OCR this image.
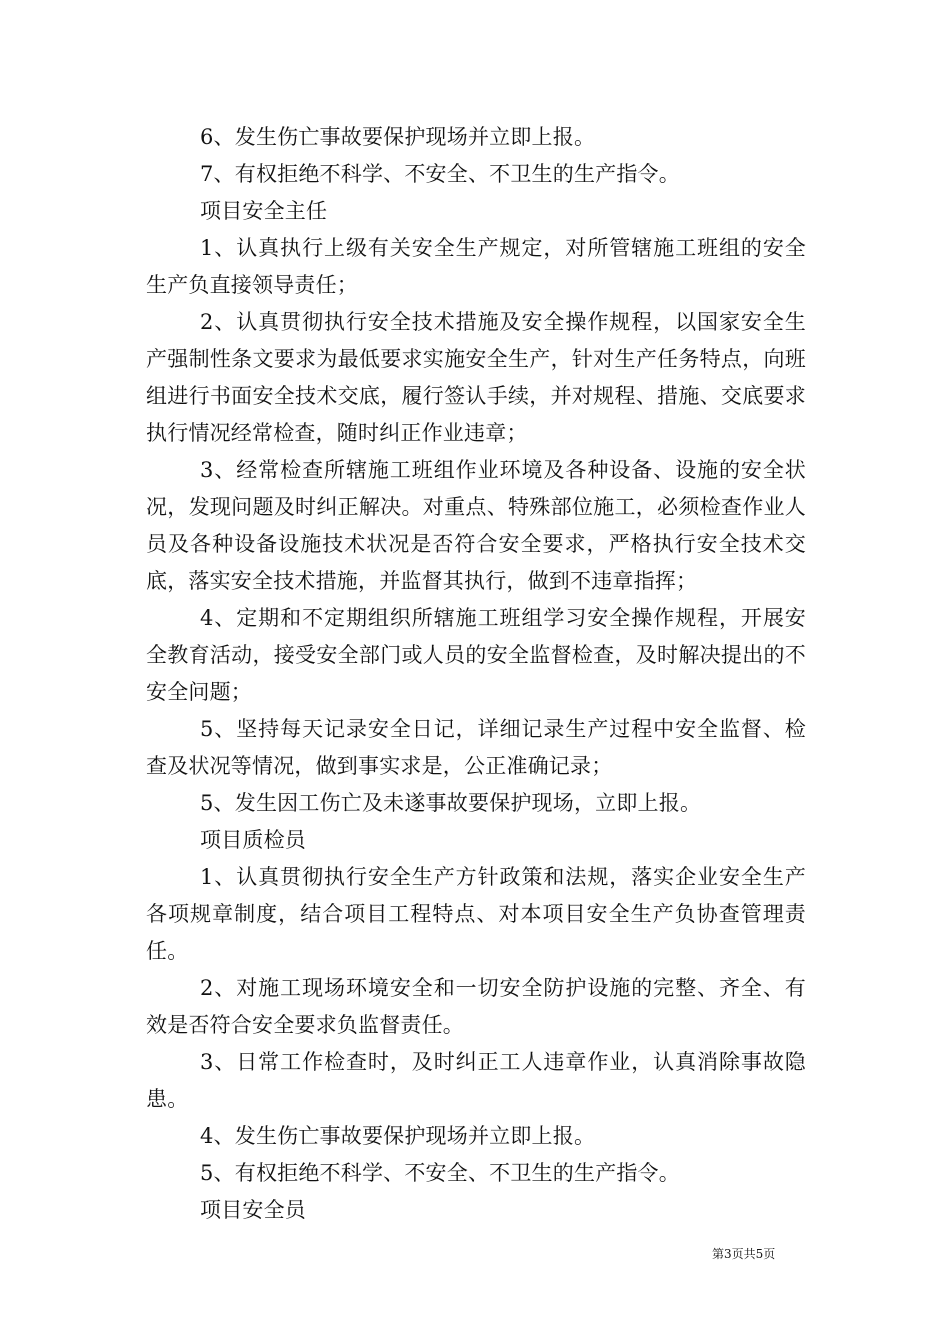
6、发生伤亡事故要保护现场并立即上报。

7、有权拒绝不科学、不安全、不卫生的生产指令。

项目安全主任

1、认真执行上级有关安全生产规定，对所管辖施工班组的安全生产负直接领导责任；

2、认真贯彻执行安全技术措施及安全操作规程，以国家安全生产强制性条文要求为最低要求实施安全生产，针对生产任务特点，向班组进行书面安全技术交底，履行签认手续，并对规程、措施、交底要求执行情况经常检查，随时纠正作业违章；

3、经常检查所辖施工班组作业环境及各种设备、设施的安全状况，发现问题及时纠正解决。对重点、特殊部位施工，必须检查作业人员及各种设备设施技术状况是否符合安全要求，严格执行安全技术交底，落实安全技术措施，并监督其执行，做到不违章指挥；

4、定期和不定期组织所辖施工班组学习安全操作规程，开展安全教育活动，接受安全部门或人员的安全监督检查，及时解决提出的不安全问题；

5、坚持每天记录安全日记，详细记录生产过程中安全监督、检查及状况等情况，做到事实求是，公正准确记录；

5、发生因工伤亡及未遂事故要保护现场，立即上报。

项目质检员

1、认真贯彻执行安全生产方针政策和法规，落实企业安全生产各项规章制度，结合项目工程特点、对本项目安全生产负协查管理责任。

2、对施工现场环境安全和一切安全防护设施的完整、齐全、有效是否符合安全要求负监督责任。

3、日常工作检查时，及时纠正工人违章作业，认真消除事故隐患。

4、发生伤亡事故要保护现场并立即上报。

5、有权拒绝不科学、不安全、不卫生的生产指令。

项目安全员

第3页共5页
